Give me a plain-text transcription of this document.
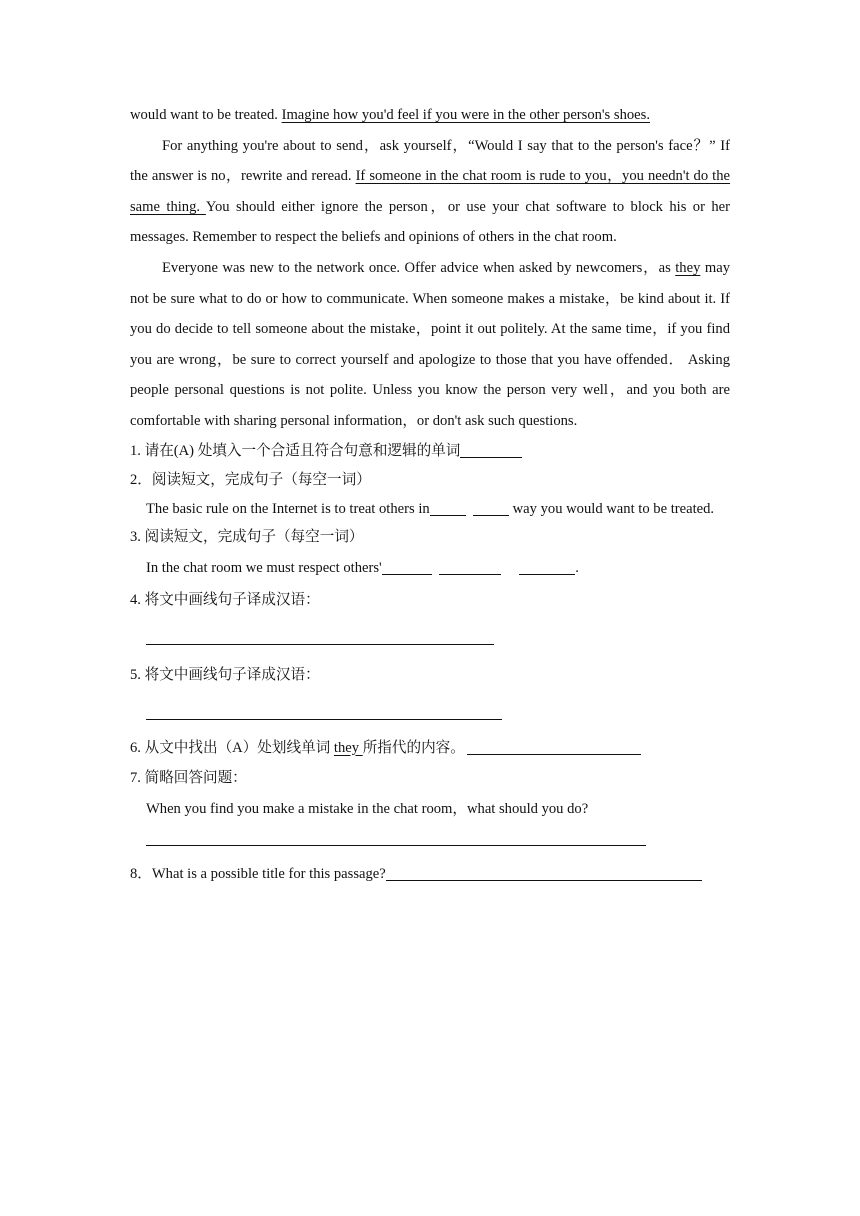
would want to be treated. Imagine how you'd feel if you were in the other person's shoes.

For anything you're about to send，ask yourself，“Would I say that to the person's face？” If the answer is no，rewrite and reread. If someone in the chat room is rude to you，you needn't do the same thing. You should either ignore the person，or use your chat software to block his or her messages. Remember to respect the beliefs and opinions of others in the chat room.

Everyone was new to the network once. Offer advice when asked by newcomers，as they may not be sure what to do or how to communicate. When someone makes a mistake，be kind about it. If you do decide to tell someone about the mistake，point it out politely. At the same time，if you find you are wrong，be sure to correct yourself and apologize to those that you have offended． Asking people personal questions is not polite. Unless you know the person very well，and you both are comfortable with sharing personal information，or don't ask such questions.

1. 请在(A) 处填入一个合适且符合句意和逻辑的单词
2．阅读短文，完成句子（每空一词）
The basic rule on the Internet is to treat others in	way you would want to be treated.
3. 阅读短文，完成句子（每空一词）
In the chat room we must respect others'	.
4. 将文中画线句子译成汉语：
5. 将文中画线句子译成汉语：
6. 从文中找出（A）处划线单词 they 所指代的内容。
7. 简略回答问题：
When you find you make a mistake in the chat room，what should you do?
8．What is a possible title for this passage?
